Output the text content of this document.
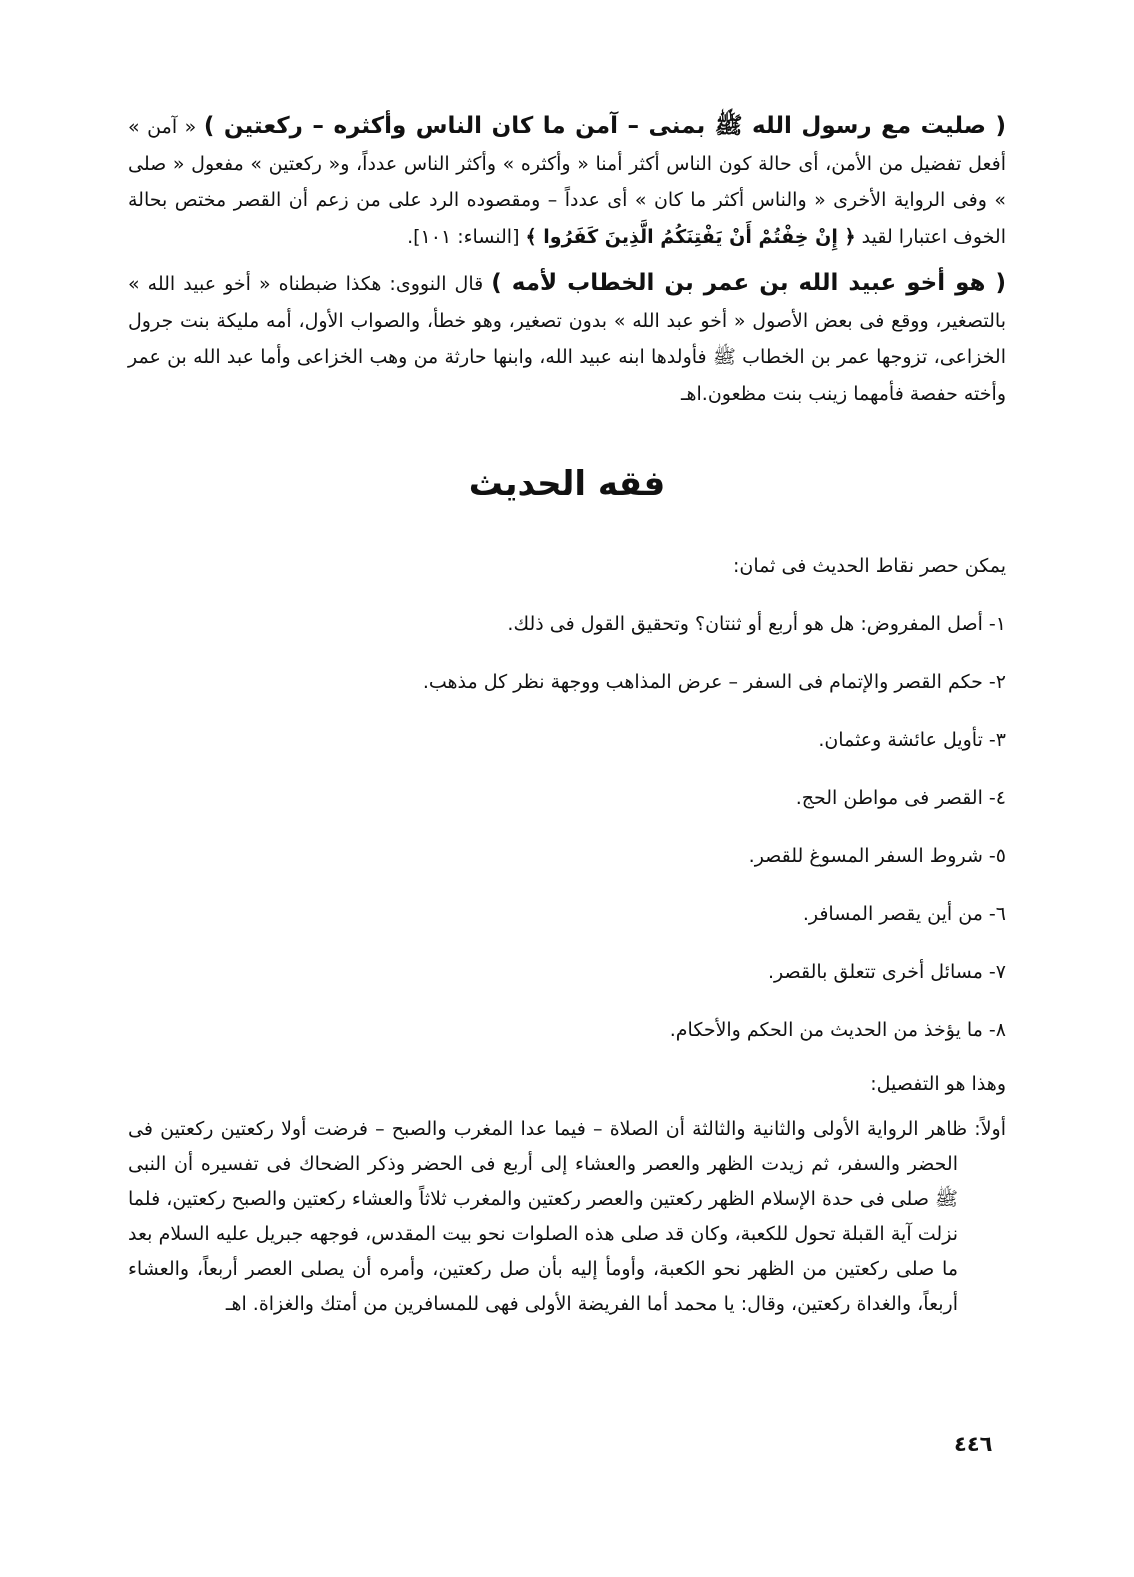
( صليت مع رسول الله ﷺ بمنى – آمن ما كان الناس وأكثره – ركعتين ) « آمن » أفعل تفضيل من الأمن، أى حالة كون الناس أكثر أمنا « وأكثره » وأكثر الناس عدداً، و« ركعتين » مفعول « صلى » وفى الرواية الأخرى « والناس أكثر ما كان » أى عدداً – ومقصوده الرد على من زعم أن القصر مختص بحالة الخوف اعتبارا لقيد ﴿ إِنْ خِفْتُمْ أَنْ يَفْتِنَكُمُ الَّذِينَ كَفَرُوا ﴾ [النساء: ١٠١].

( هو أخو عبيد الله بن عمر بن الخطاب لأمه ) قال النووى: هكذا ضبطناه « أخو عبيد الله » بالتصغير، ووقع فى بعض الأصول « أخو عبد الله » بدون تصغير، وهو خطأ، والصواب الأول، أمه مليكة بنت جرول الخزاعى، تزوجها عمر بن الخطاب ﷺ فأولدها ابنه عبيد الله، وابنها حارثة من وهب الخزاعى وأما عبد الله بن عمر وأخته حفصة فأمهما زينب بنت مظعون.اهـ

فقه الحديث

يمكن حصر نقاط الحديث فى ثمان:

١- أصل المفروض: هل هو أربع أو ثنتان؟ وتحقيق القول فى ذلك.
٢- حكم القصر والإتمام فى السفر – عرض المذاهب ووجهة نظر كل مذهب.
٣- تأويل عائشة وعثمان.
٤- القصر فى مواطن الحج.
٥- شروط السفر المسوغ للقصر.
٦- من أين يقصر المسافر.
٧- مسائل أخرى تتعلق بالقصر.
٨- ما يؤخذ من الحديث من الحكم والأحكام.

وهذا هو التفصيل:

أولاً: ظاهر الرواية الأولى والثانية والثالثة أن الصلاة – فيما عدا المغرب والصبح – فرضت أولا ركعتين ركعتين فى الحضر والسفر، ثم زيدت الظهر والعصر والعشاء إلى أربع فى الحضر وذكر الضحاك فى تفسيره أن النبى ﷺ صلى فى حدة الإسلام الظهر ركعتين والعصر ركعتين والمغرب ثلاثاً والعشاء ركعتين والصبح ركعتين، فلما نزلت آية القبلة تحول للكعبة، وكان قد صلى هذه الصلوات نحو بيت المقدس، فوجهه جبريل عليه السلام بعد ما صلى ركعتين من الظهر نحو الكعبة، وأومأ إليه بأن صل ركعتين، وأمره أن يصلى العصر أربعاً، والعشاء أربعاً، والغداة ركعتين، وقال: يا محمد أما الفريضة الأولى فهى للمسافرين من أمتك والغزاة. اهـ

٤٤٦
